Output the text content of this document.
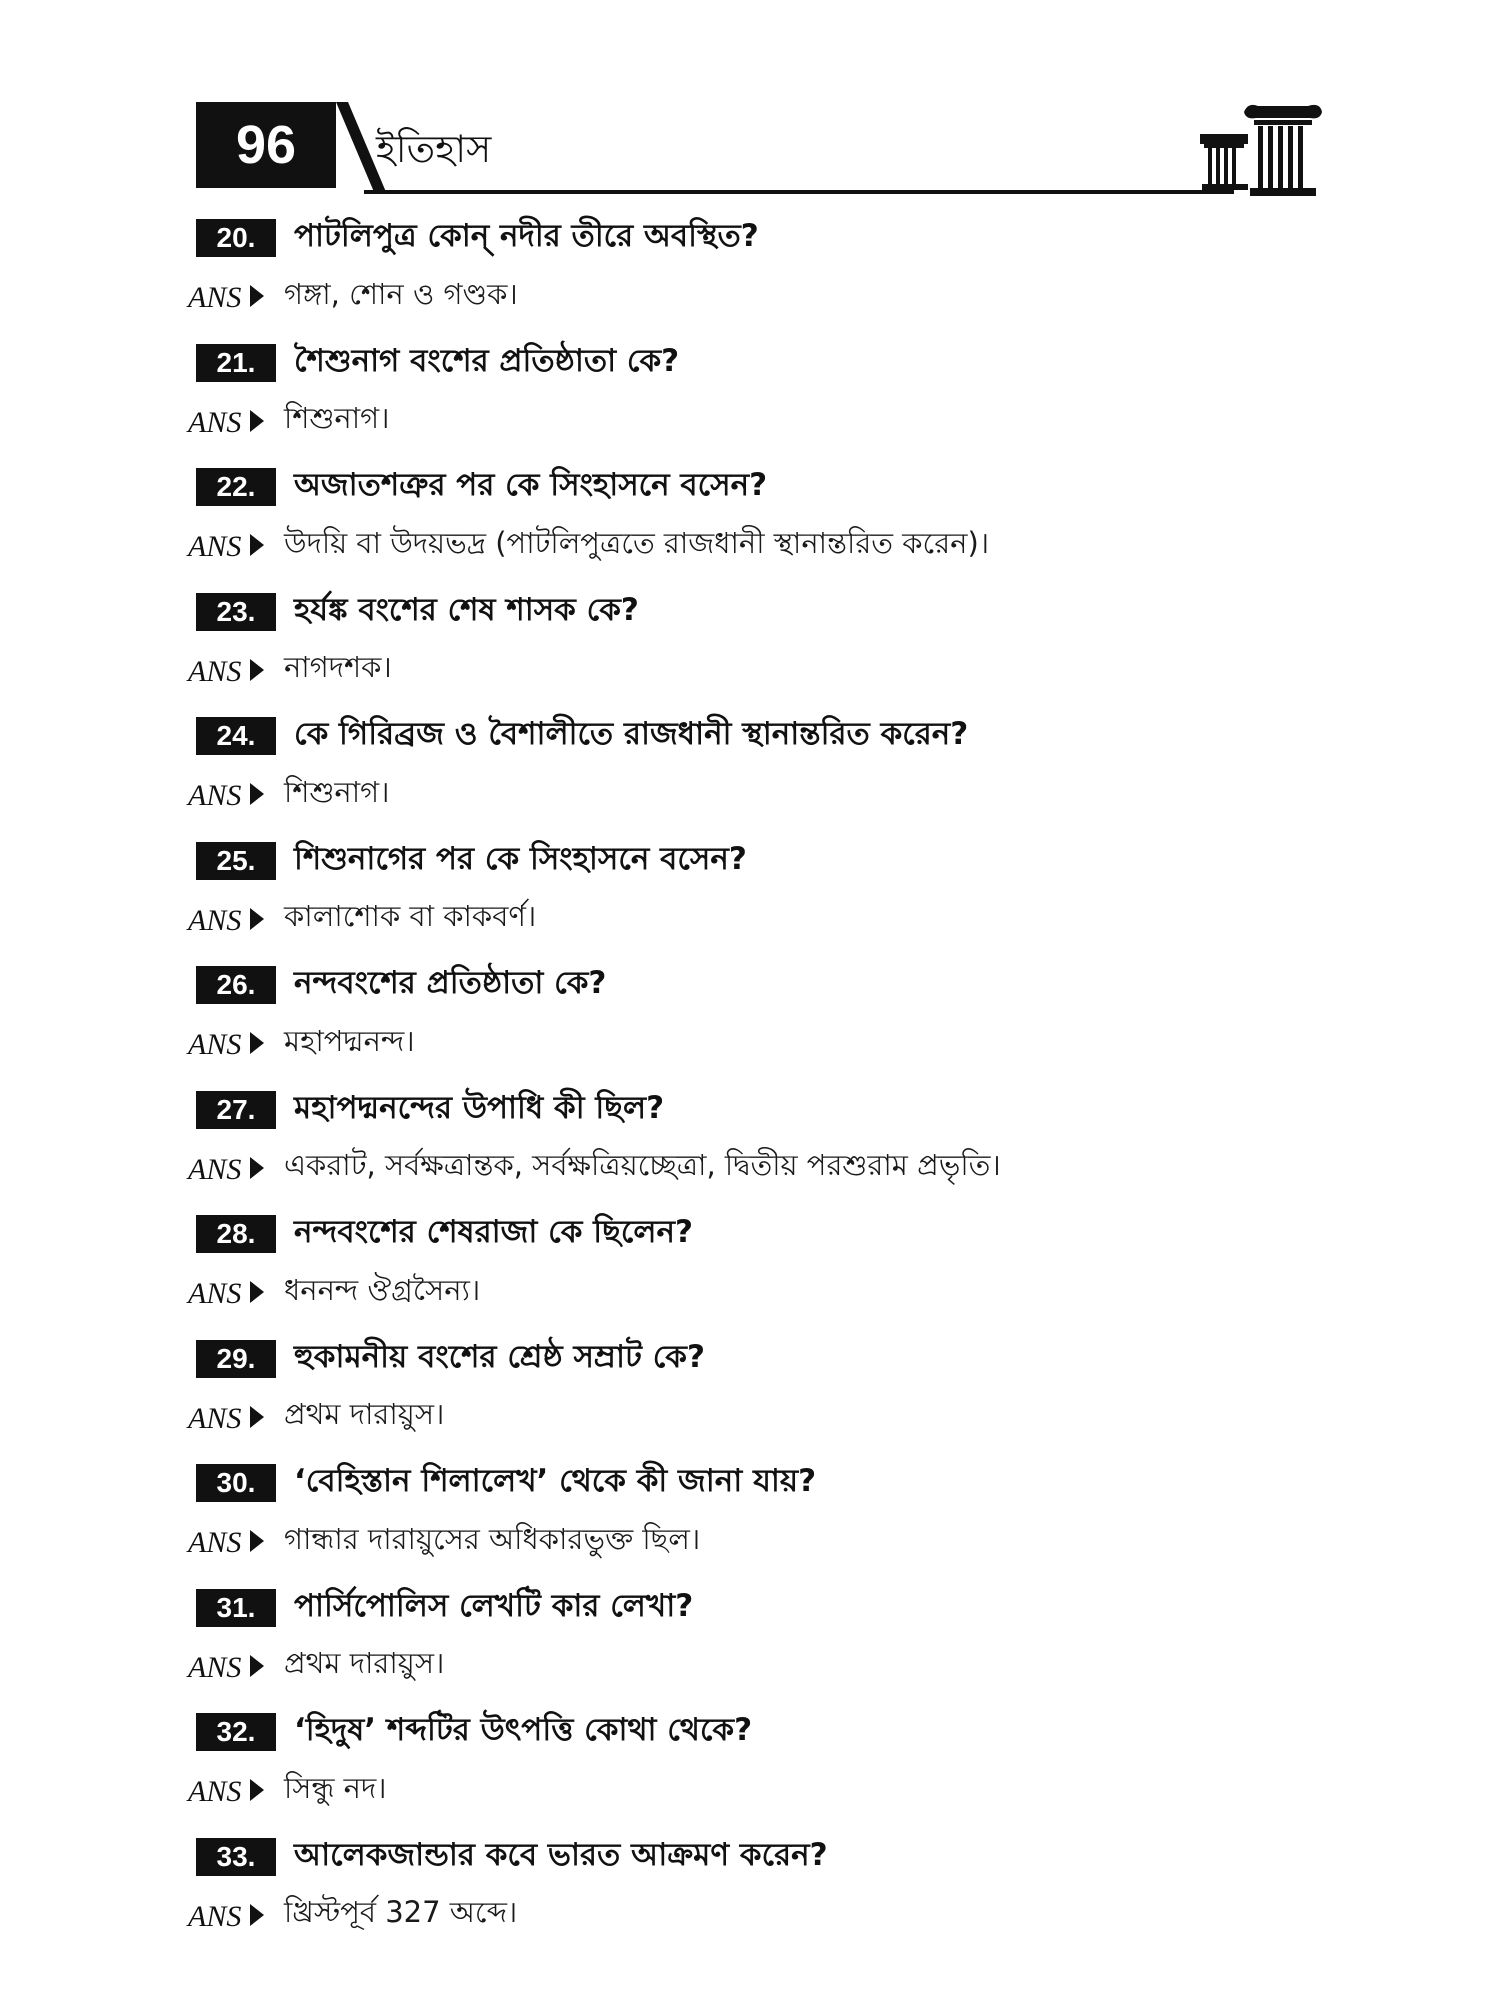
96	ইতিহাস
20.	পাটলিপুত্র কোন্‌ নদীর তীরে অবস্থিত?
ANS গঙ্গা, শোন ও গণ্ডক।
21.	শৈশুনাগ বংশের প্রতিষ্ঠাতা কে?
ANS শিশুনাগ।
22.	অজাতশত্রুর পর কে সিংহাসনে বসেন?
ANS উদয়ি বা উদয়ভদ্র (পাটলিপুত্রতে রাজধানী স্থানান্তরিত করেন)।
23.	হর্যঙ্ক বংশের শেষ শাসক কে?
ANS নাগদশক।
24.	কে গিরিব্রজ ও বৈশালীতে রাজধানী স্থানান্তরিত করেন?
ANS শিশুনাগ।
25.	শিশুনাগের পর কে সিংহাসনে বসেন?
ANS কালাশোক বা কাকবর্ণ।
26.	নন্দবংশের প্রতিষ্ঠাতা কে?
ANS মহাপদ্মনন্দ।
27.	মহাপদ্মনন্দের উপাধি কী ছিল?
ANS একরাট, সর্বক্ষত্রান্তক, সর্বক্ষত্রিয়চ্ছেত্রা, দ্বিতীয় পরশুরাম প্রভৃতি।
28.	নন্দবংশের শেষরাজা কে ছিলেন?
ANS ধননন্দ ঔগ্রসৈন্য।
29.	হুকামনীয় বংশের শ্রেষ্ঠ সম্রাট কে?
ANS প্রথম দারায়ুস।
30.	‘বেহিস্তান শিলালেখ’ থেকে কী জানা যায়?
ANS গান্ধার দারায়ুসের অধিকারভুক্ত ছিল।
31.	পার্সিপোলিস লেখটি কার লেখা?
ANS প্রথম দারায়ুস।
32.	‘হিদুষ’ শব্দটির উৎপত্তি কোথা থেকে?
ANS সিন্ধু নদ।
33.	আলেকজান্ডার কবে ভারত আক্রমণ করেন?
ANS খ্রিস্টপূর্ব 327 অব্দে।
